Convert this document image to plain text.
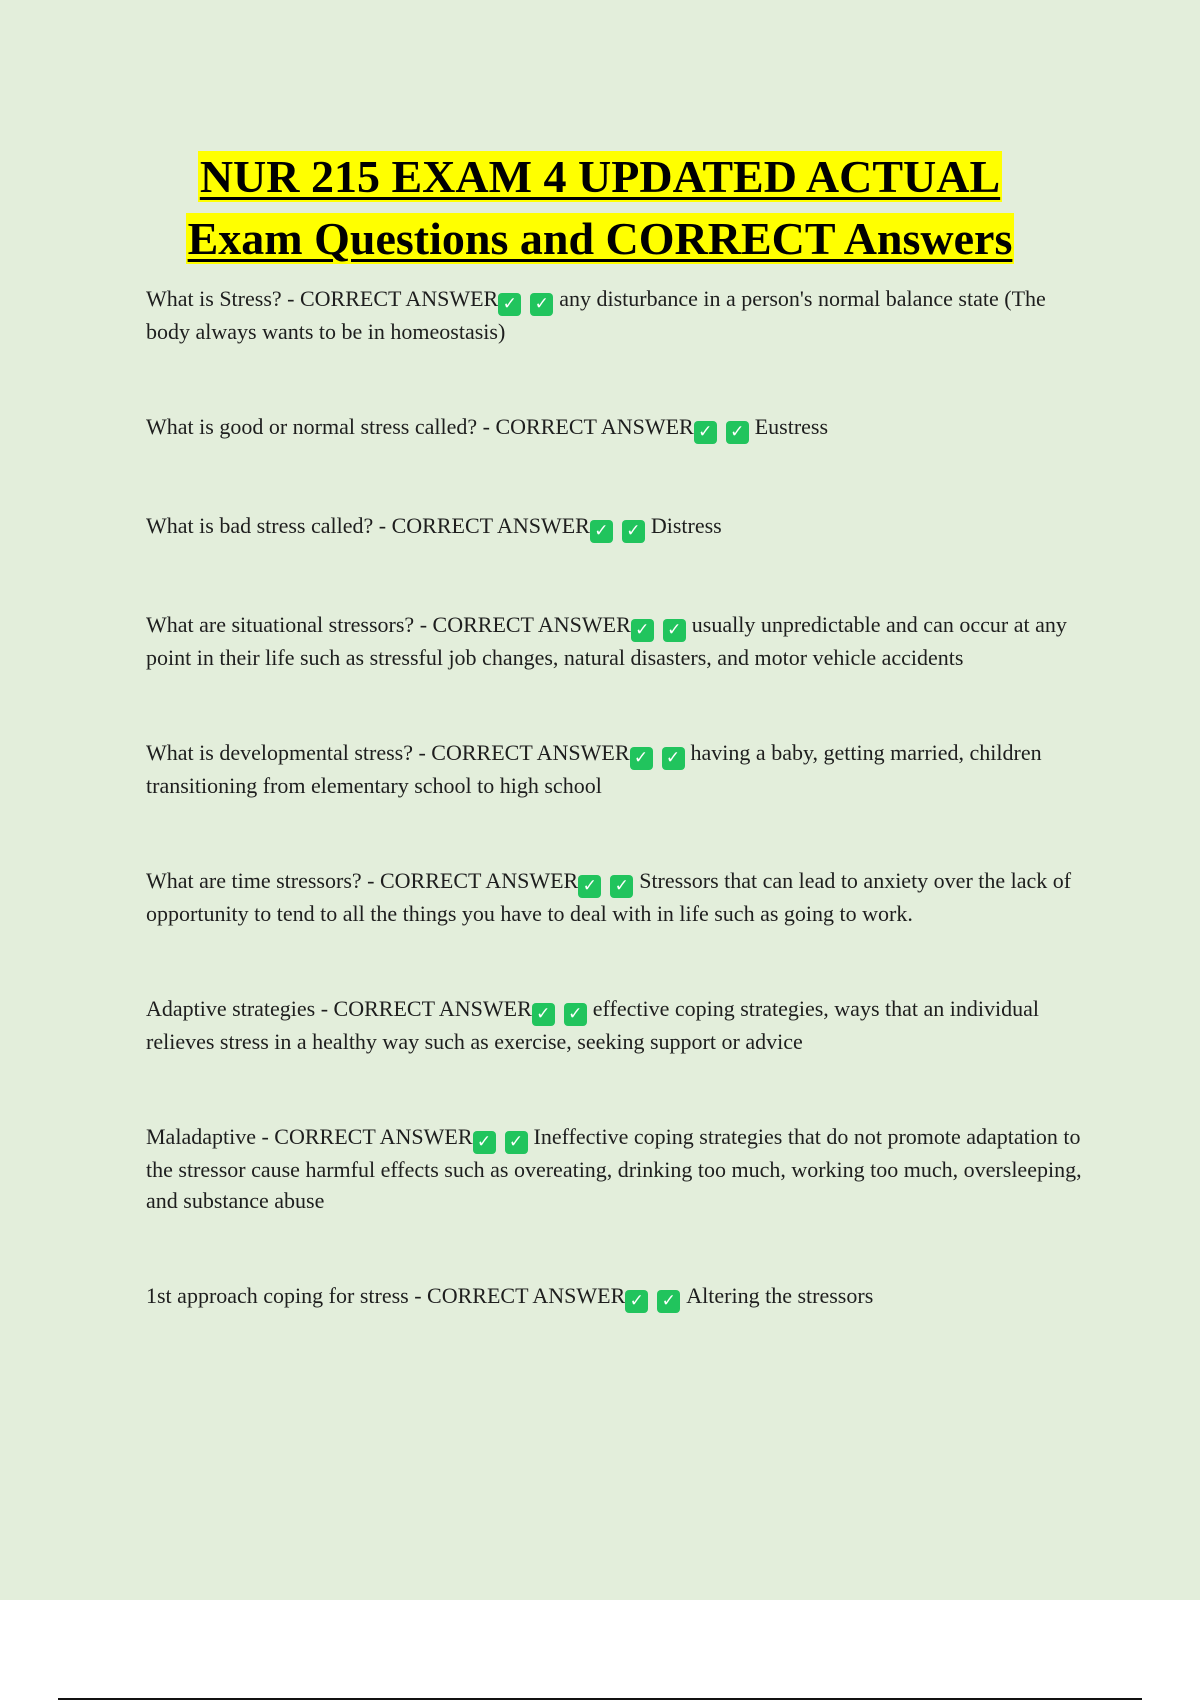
NUR 215 EXAM 4 UPDATED ACTUAL
Exam Questions and CORRECT Answers

What is Stress? - CORRECT ANSWER ✓ ✓ any disturbance in a person's normal balance state (The body always wants to be in homeostasis)

What is good or normal stress called? - CORRECT ANSWER ✓ ✓ Eustress

What is bad stress called? - CORRECT ANSWER ✓ ✓ Distress

What are situational stressors? - CORRECT ANSWER ✓ ✓ usually unpredictable and can occur at any point in their life such as stressful job changes, natural disasters, and motor vehicle accidents

What is developmental stress? - CORRECT ANSWER ✓ ✓ having a baby, getting married, children transitioning from elementary school to high school

What are time stressors? - CORRECT ANSWER ✓ ✓ Stressors that can lead to anxiety over the lack of opportunity to tend to all the things you have to deal with in life such as going to work.

Adaptive strategies - CORRECT ANSWER ✓ ✓ effective coping strategies, ways that an individual relieves stress in a healthy way such as exercise, seeking support or advice

Maladaptive - CORRECT ANSWER ✓ ✓ Ineffective coping strategies that do not promote adaptation to the stressor cause harmful effects such as overeating, drinking too much, working too much, oversleeping, and substance abuse

1st approach coping for stress - CORRECT ANSWER ✓ ✓ Altering the stressors
